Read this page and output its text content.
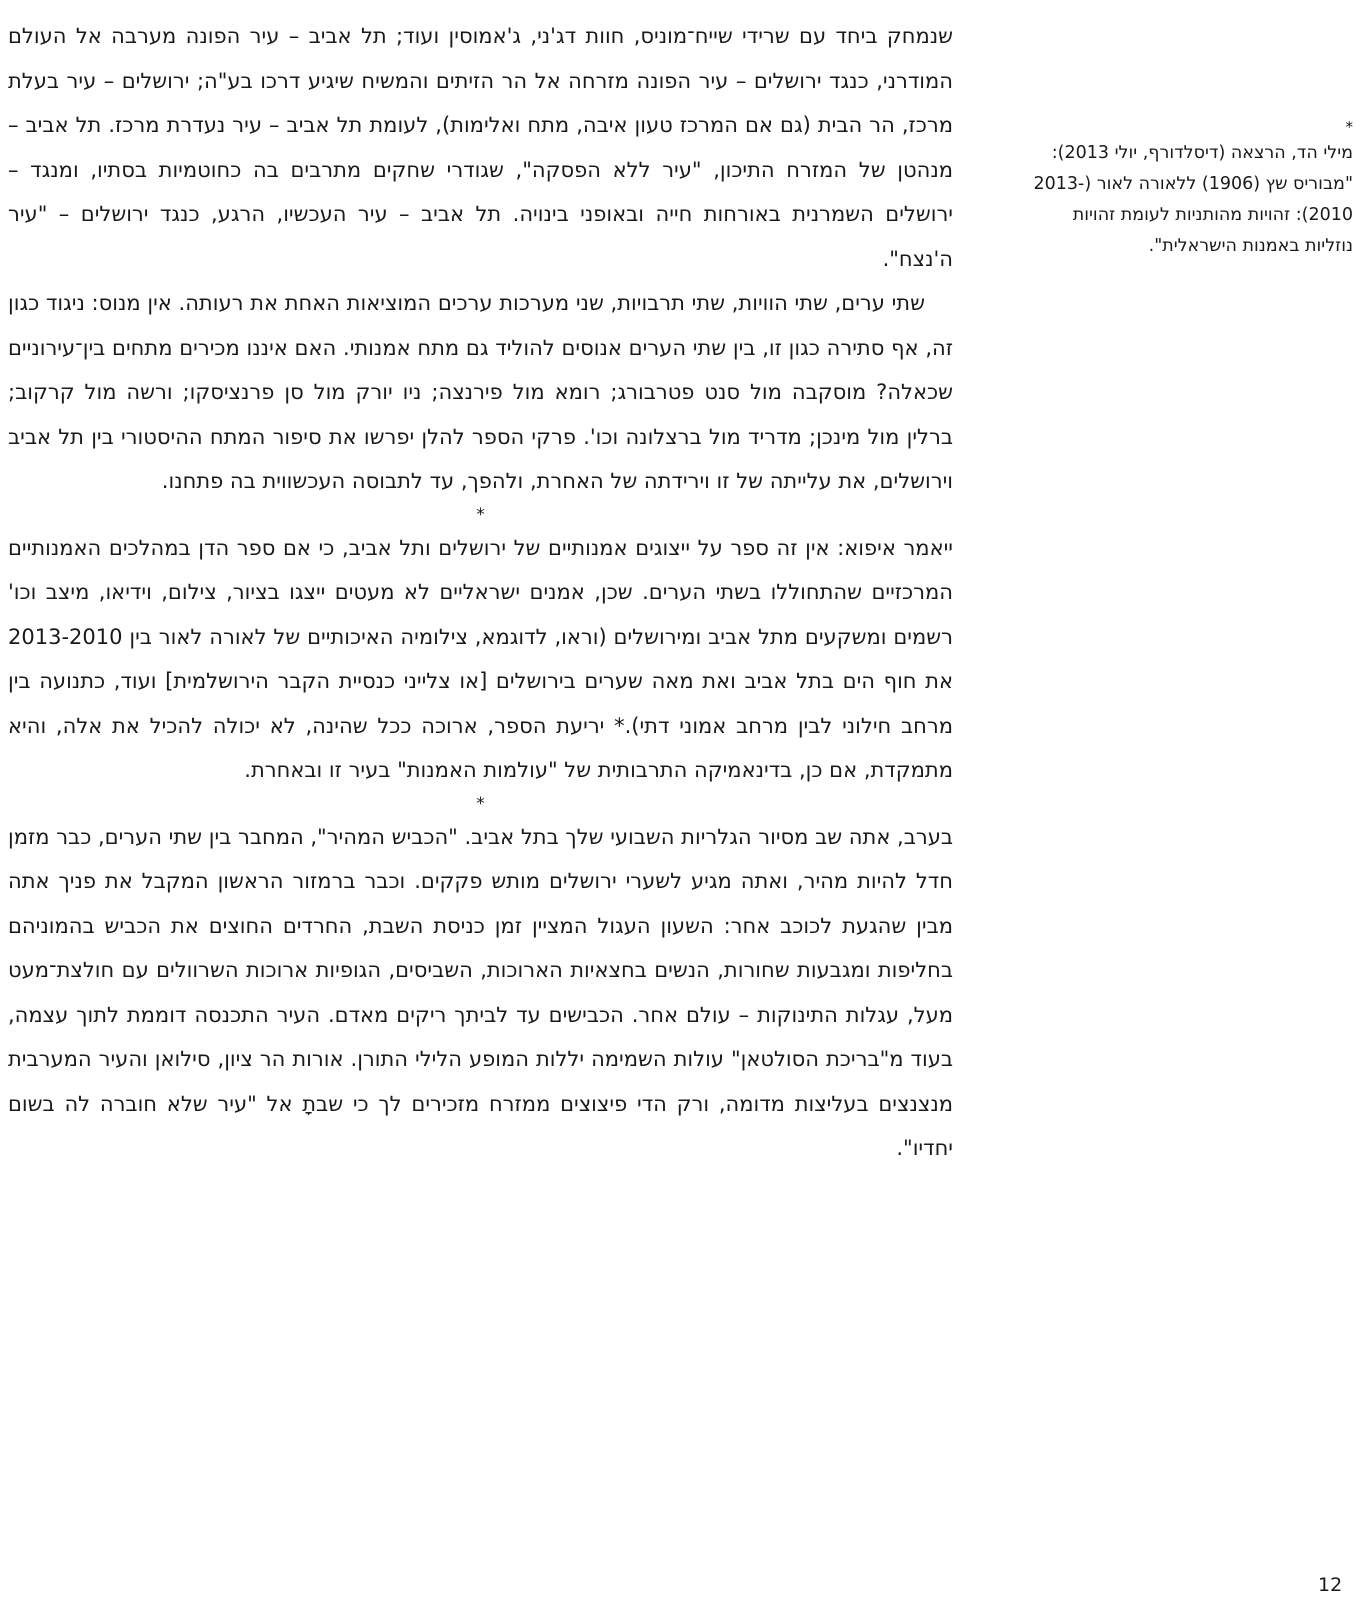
שנמחק ביחד עם שרידי שייח־מוניס, חוות דג'ני, ג'אמוסין ועוד; תל אביב – עיר הפונה מערבה אל העולם המודרני, כנגד ירושלים – עיר הפונה מזרחה אל הר הזיתים והמשיח שיגיע דרכו בע"ה; ירושלים – עיר בעלת מרכז, הר הבית (גם אם המרכז טעון איבה, מתח ואלימות), לעומת תל אביב – עיר נעדרת מרכז. תל אביב – מנהטן של המזרח התיכון, "עיר ללא הפסקה", שגודרי שחקים מתרבים בה כחוטמיות בסתיו, ומנגד – ירושלים השמרנית באורחות חייה ובאופני בינויה. תל אביב – עיר העכשיו, הרגע, כנגד ירושלים – "עיר ה'נצח".

שתי ערים, שתי הוויות, שתי תרבויות, שני מערכות ערכים המוציאות האחת את רעותה. אין מנוס: ניגוד כגון זה, אף סתירה כגון זו, בין שתי הערים אנוסים להוליד גם מתח אמנותי. האם איננו מכירים מתחים בין־עירוניים שכאלה? מוסקבה מול סנט פטרבורג; רומא מול פירנצה; ניו יורק מול סן פרנציסקו; ורשה מול קרקוב; ברלין מול מינכן; מדריד מול ברצלונה וכו'. פרקי הספר להלן יפרשו את סיפור המתח ההיסטורי בין תל אביב וירושלים, את עלייתה של זו וירידתה של האחרת, ולהפך, עד לתבוסה העכשווית בה פתחנו.

*

ייאמר איפוא: אין זה ספר על ייצוגים אמנותיים של ירושלים ותל אביב, כי אם ספר הדן במהלכים האמנותיים המרכזיים שהתחוללו בשתי הערים. שכן, אמנים ישראליים לא מעטים ייצגו בציור, צילום, וידיאו, מיצב וכו' רשמים ומשקעים מתל אביב ומירושלים (וראו, לדוגמא, צילומיה האיכותיים של לאורה לאור בין 2013-2010 את חוף הים בתל אביב ואת מאה שערים בירושלים [או צלייני כנסיית הקבר הירושלמית] ועוד, כתנועה בין מרחב חילוני לבין מרחב אמוני דתי).* יריעת הספר, ארוכה ככל שהינה, לא יכולה להכיל את אלה, והיא מתמקדת, אם כן, בדינאמיקה התרבותית של "עולמות האמנות" בעיר זו ובאחרת.

*

בערב, אתה שב מסיור הגלריות השבועי שלך בתל אביב. "הכביש המהיר", המחבר בין שתי הערים, כבר מזמן חדל להיות מהיר, ואתה מגיע לשערי ירושלים מותש פקקים. וכבר ברמזור הראשון המקבל את פניך אתה מבין שהגעת לכוכב אחר: השעון העגול המציין זמן כניסת השבת, החרדים החוצים את הכביש בהמוניהם בחליפות ומגבעות שחורות, הנשים בחצאיות הארוכות, השביסים, הגופיות ארוכות השרוולים עם חולצת־מעט מעל, עגלות התינוקות – עולם אחר. הכבישים עד לביתך ריקים מאדם. העיר התכנסה דוממת לתוך עצמה, בעוד מ"בריכת הסולטאן" עולות השמימה יללות המופע הלילי התורן. אורות הר ציון, סילואן והעיר המערבית מנצנצים בעליצות מדומה, ורק הדי פיצוצים ממזרח מזכירים לך כי שבתָ אל "עיר שלא חוברה לה בשום יחדיו".

*

מילי הד, הרצאה (דיסלדורף, יולי 2013): "מבוריס שץ (1906) ללאורה לאור (2013-2010): זהויות מהותניות לעומת זהויות נוזליות באמנות הישראלית".

12
